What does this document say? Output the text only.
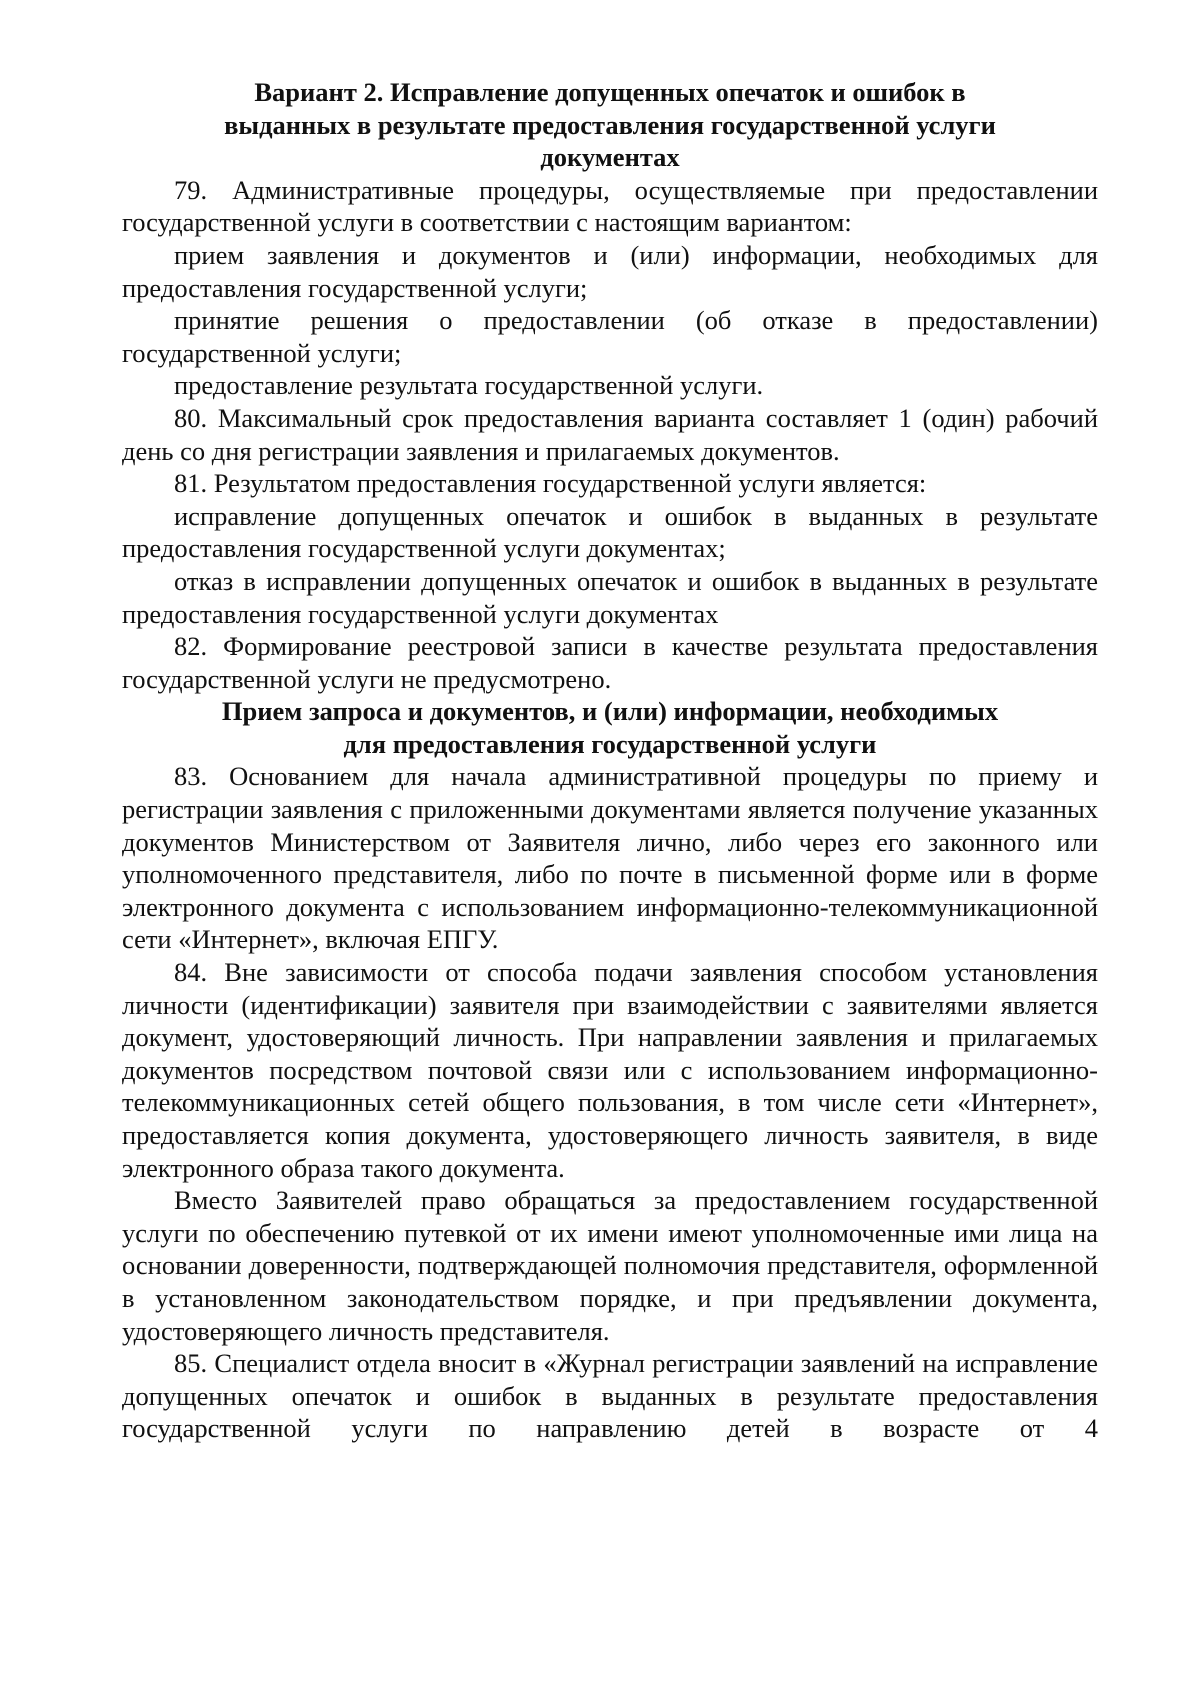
Вариант 2. Исправление допущенных опечаток и ошибок в
выданных в результате предоставления государственной услуги
документах

79. Административные процедуры, осуществляемые при предоставлении государственной услуги в соответствии с настоящим вариантом:

прием заявления и документов и (или) информации, необходимых для предоставления государственной услуги;

принятие решения о предоставлении (об отказе в предоставлении) государственной услуги;

предоставление результата государственной услуги.

80. Максимальный срок предоставления варианта составляет 1 (один) рабочий день со дня регистрации заявления и прилагаемых документов.

81. Результатом предоставления государственной услуги является:

исправление допущенных опечаток и ошибок в выданных в результате предоставления государственной услуги документах;

отказ в исправлении допущенных опечаток и ошибок в выданных в результате предоставления государственной услуги документах

82. Формирование реестровой записи в качестве результата предоставления государственной услуги не предусмотрено.

Прием запроса и документов, и (или) информации, необходимых
для предоставления государственной услуги

83. Основанием для начала административной процедуры по приему и регистрации заявления с приложенными документами является получение указанных документов Министерством от Заявителя лично, либо через его законного или уполномоченного представителя, либо по почте в письменной форме или в форме электронного документа с использованием информационно-телекоммуникационной сети «Интернет», включая ЕПГУ.

84. Вне зависимости от способа подачи заявления способом установления личности (идентификации) заявителя при взаимодействии с заявителями является документ, удостоверяющий личность. При направлении заявления и прилагаемых документов посредством почтовой связи или с использованием информационно-телекоммуникационных сетей общего пользования, в том числе сети «Интернет», предоставляется копия документа, удостоверяющего личность заявителя, в виде электронного образа такого документа.

Вместо Заявителей право обращаться за предоставлением государственной услуги по обеспечению путевкой от их имени имеют уполномоченные ими лица на основании доверенности, подтверждающей полномочия представителя, оформленной в установленном законодательством порядке, и при предъявлении документа, удостоверяющего личность представителя.

85. Специалист отдела вносит в «Журнал регистрации заявлений на исправление допущенных опечаток и ошибок в выданных в результате предоставления государственной услуги по направлению детей в возрасте от 4
